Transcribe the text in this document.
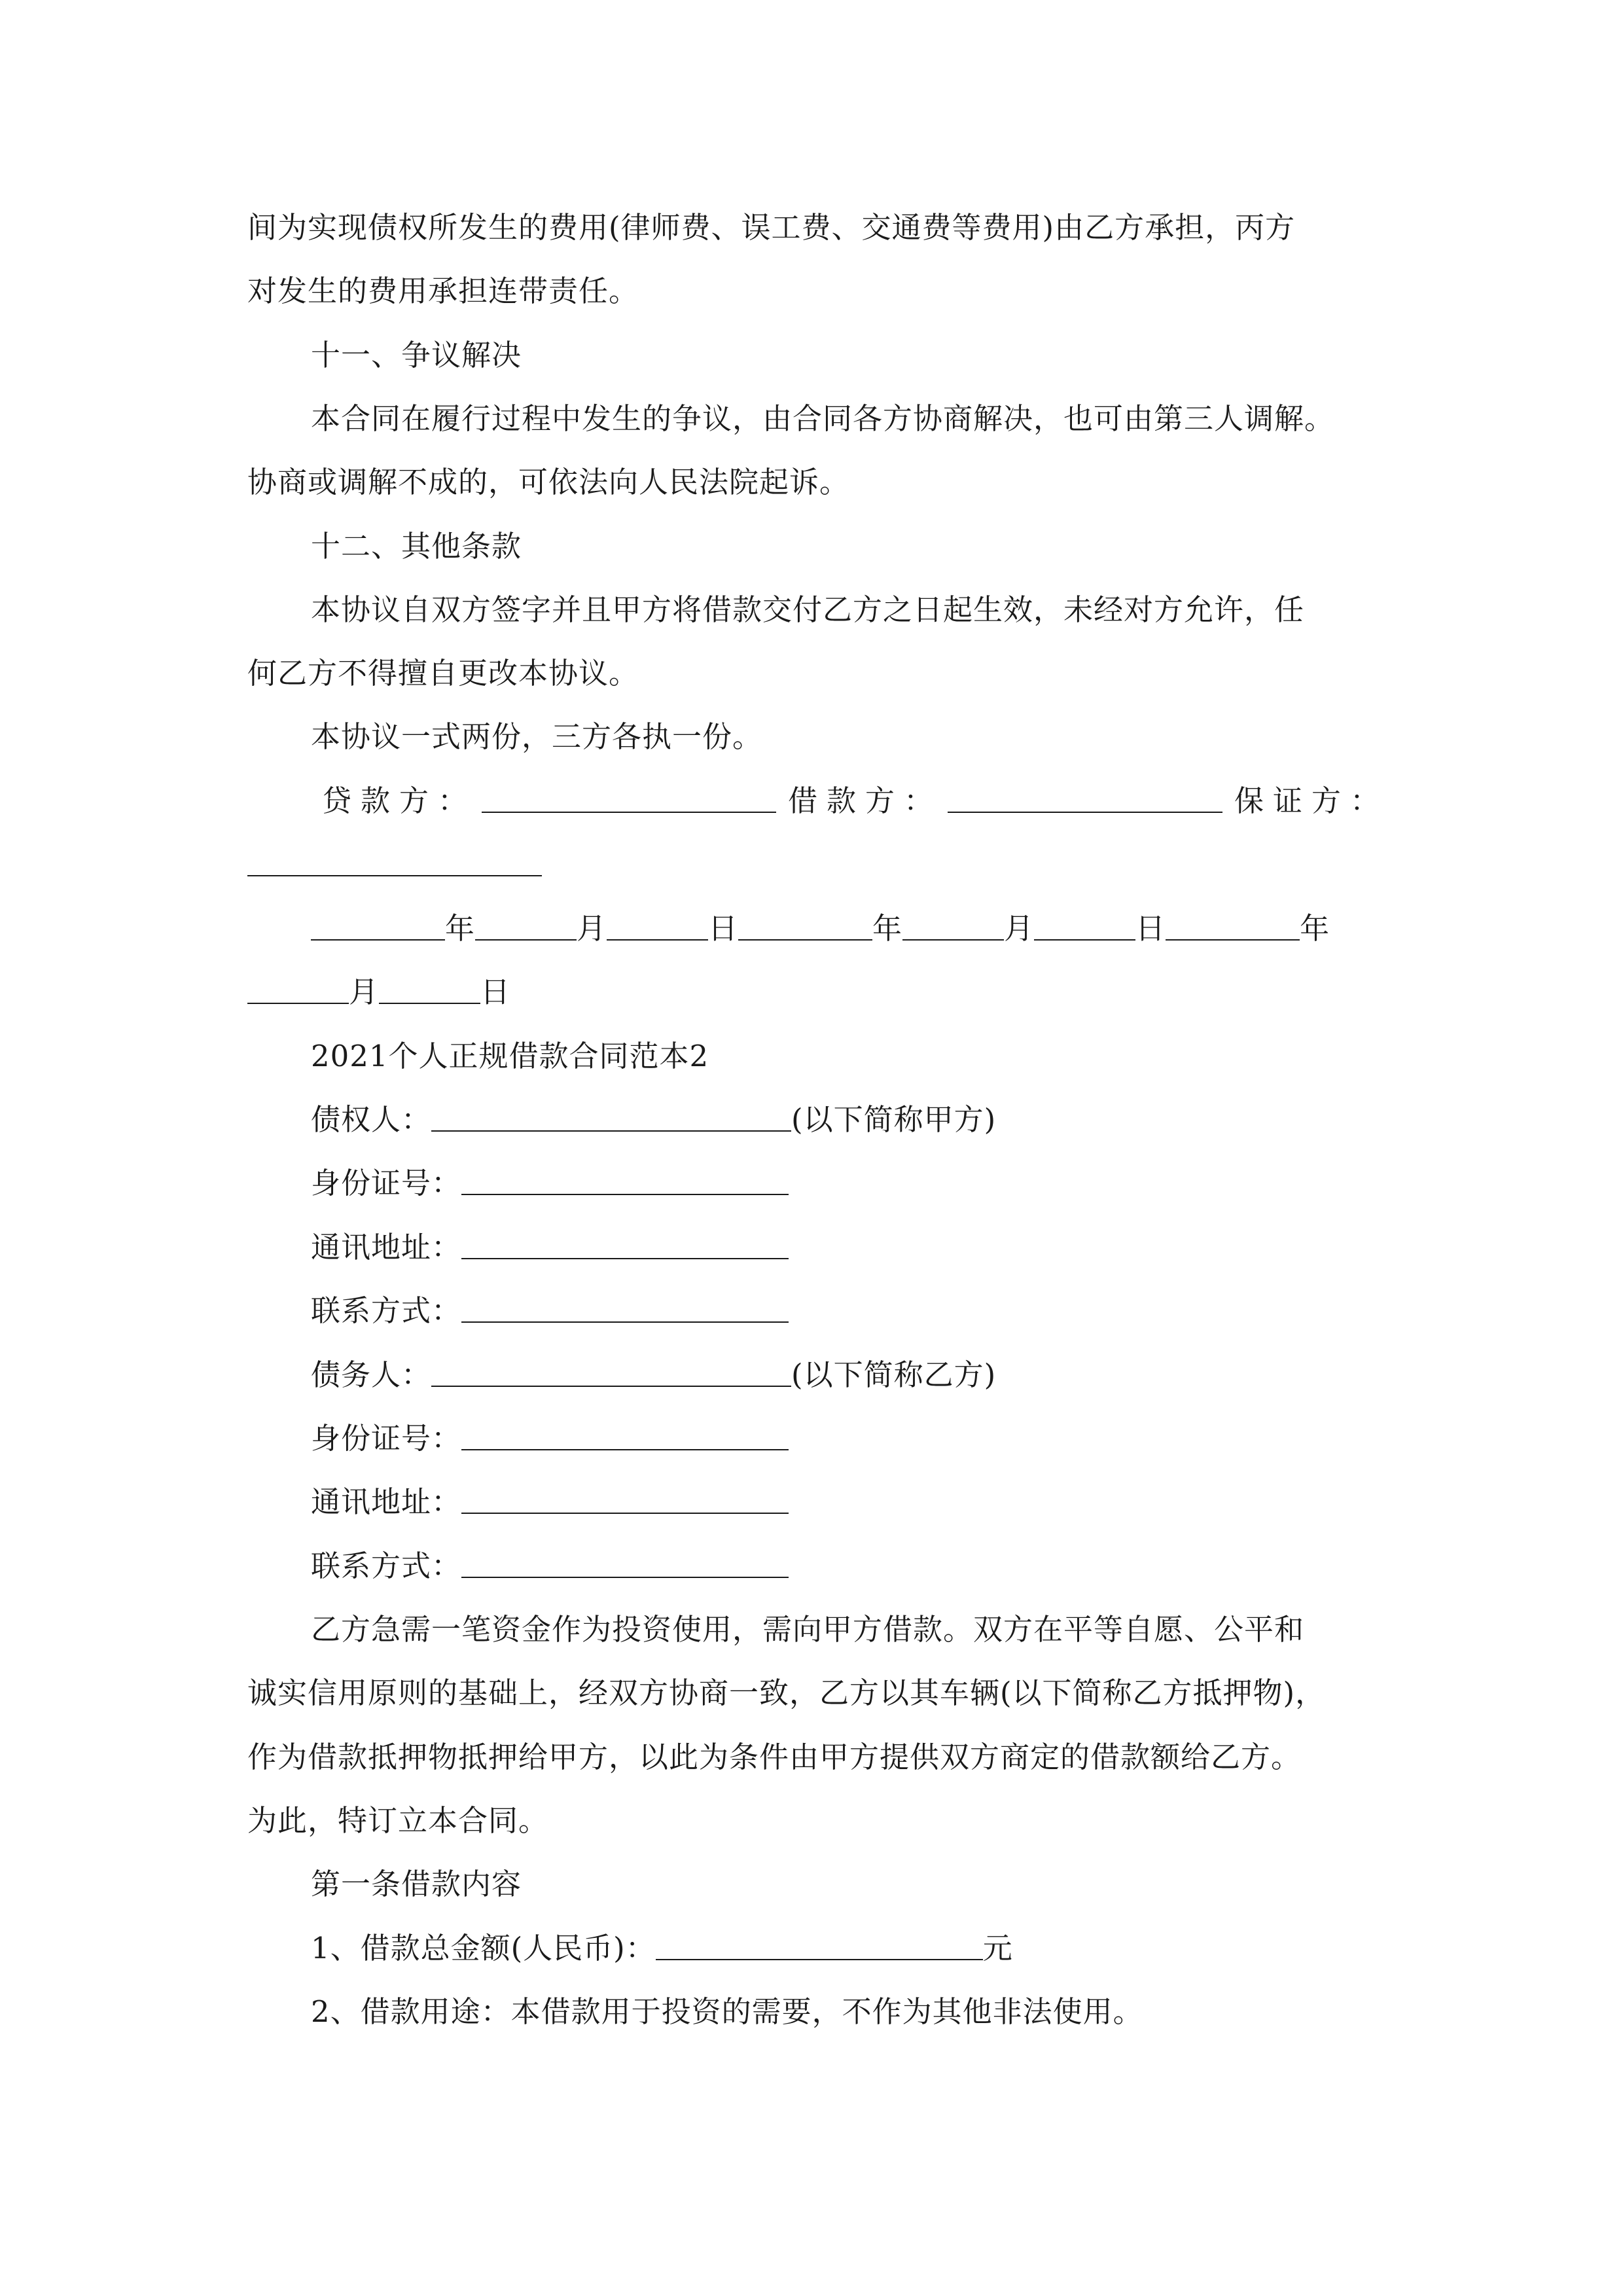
间为实现债权所发生的费用(律师费、误工费、交通费等费用)由乙方承担，丙方
对发生的费用承担连带责任。
十一、争议解决
本合同在履行过程中发生的争议，由合同各方协商解决，也可由第三人调解。
协商或调解不成的，可依法向人民法院起诉。
十二、其他条款
本协议自双方签字并且甲方将借款交付乙方之日起生效，未经对方允许，任
何乙方不得擅自更改本协议。
本协议一式两份，三方各执一份。
贷款方：	借款方：	保证方：
年	月	日	年	月	日	年
月	日
2021个人正规借款合同范本2
债权人：	(以下简称甲方)
身份证号：
通讯地址：
联系方式：
债务人：	(以下简称乙方)
身份证号：
通讯地址：
联系方式：
乙方急需一笔资金作为投资使用，需向甲方借款。双方在平等自愿、公平和
诚实信用原则的基础上，经双方协商一致，乙方以其车辆(以下简称乙方抵押物)，
作为借款抵押物抵押给甲方，以此为条件由甲方提供双方商定的借款额给乙方。
为此，特订立本合同。
第一条借款内容
1、借款总金额(人民币)：	元
2、借款用途：本借款用于投资的需要，不作为其他非法使用。
